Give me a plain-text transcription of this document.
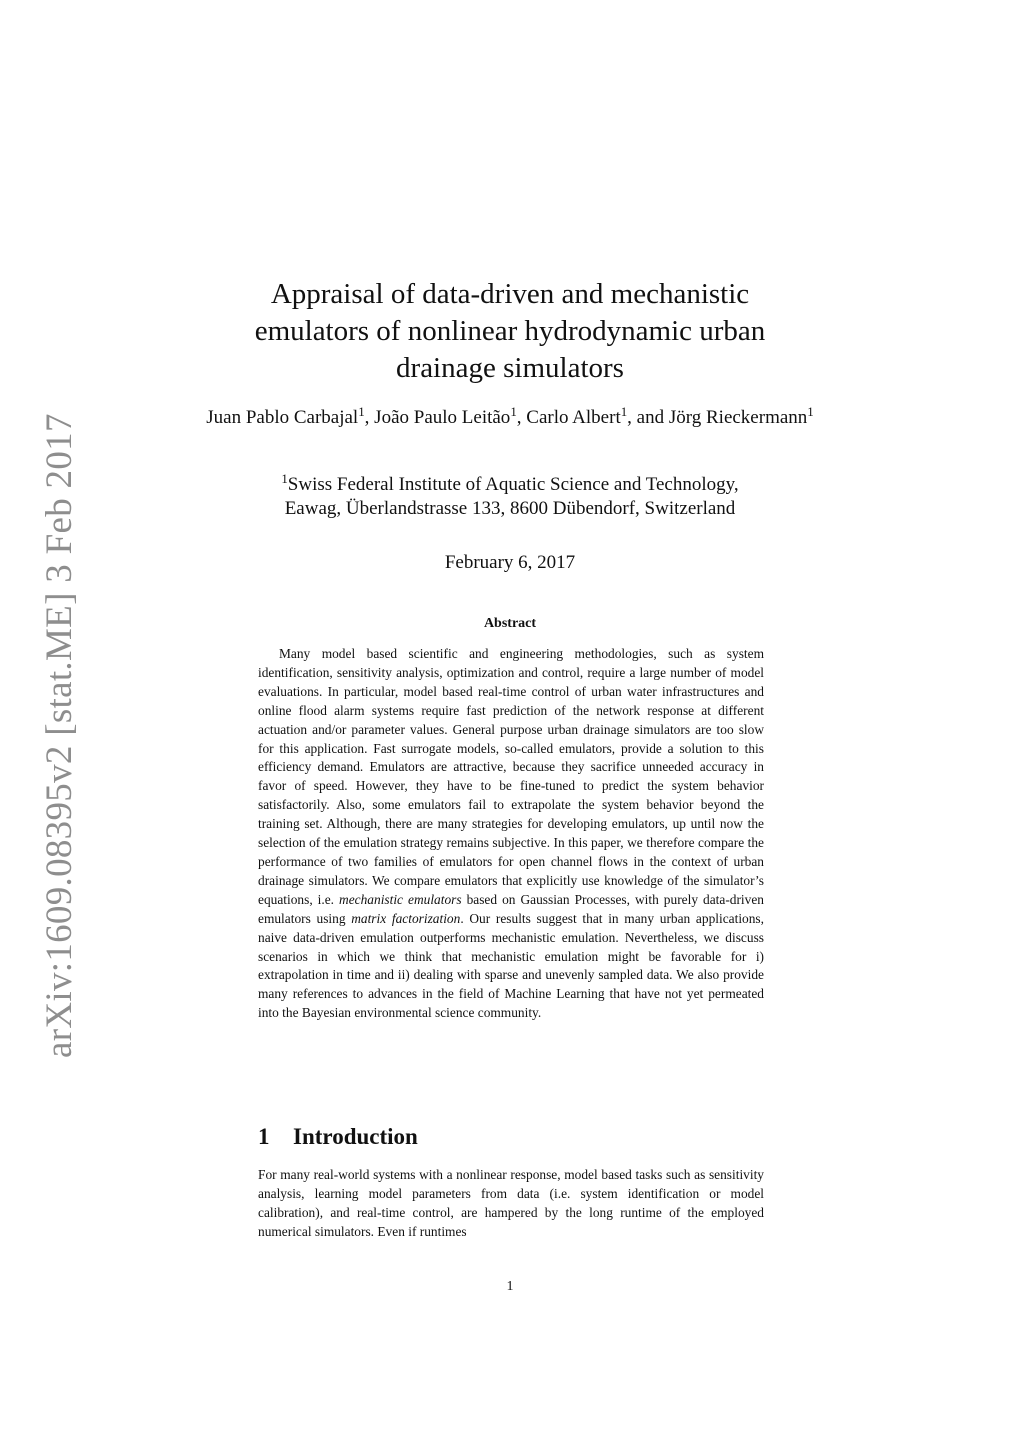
arXiv:1609.08395v2 [stat.ME] 3 Feb 2017
Appraisal of data-driven and mechanistic
emulators of nonlinear hydrodynamic urban
drainage simulators
Juan Pablo Carbajal$^1$, João Paulo Leitão$^1$, Carlo Albert$^1$, and Jörg Rieckermann$^1$
$^1$Swiss Federal Institute of Aquatic Science and Technology,
Eawag, Überlandstrasse 133, 8600 Dübendorf, Switzerland
February 6, 2017
Abstract
Many model based scientific and engineering methodologies, such as system identification, sensitivity analysis, optimization and control, require a large number of model evaluations. In particular, model based real-time control of urban water infrastructures and online flood alarm systems require fast prediction of the network response at different actuation and/or parameter values. General purpose urban drainage simulators are too slow for this application. Fast surrogate models, so-called emulators, provide a solution to this efficiency demand. Emulators are attractive, because they sacrifice unneeded accuracy in favor of speed. However, they have to be fine-tuned to predict the system behavior satisfactorily. Also, some emulators fail to extrapolate the system behavior beyond the training set. Although, there are many strategies for developing emulators, up until now the selection of the emulation strategy remains subjective. In this paper, we therefore compare the performance of two families of emulators for open channel flows in the context of urban drainage simulators. We compare emulators that explicitly use knowledge of the simulator’s equations, i.e. mechanistic emulators based on Gaussian Processes, with purely data-driven emulators using matrix factorization. Our results suggest that in many urban applications, naive data-driven emulation outperforms mechanistic emulation. Nevertheless, we discuss scenarios in which we think that mechanistic emulation might be favorable for i) extrapolation in time and ii) dealing with sparse and unevenly sampled data. We also provide many references to advances in the field of Machine Learning that have not yet permeated into the Bayesian environmental science community.
1 Introduction
For many real-world systems with a nonlinear response, model based tasks such as sensitivity analysis, learning model parameters from data (i.e. system identification or model calibration), and real-time control, are hampered by the long runtime of the employed numerical simulators. Even if runtimes
1
